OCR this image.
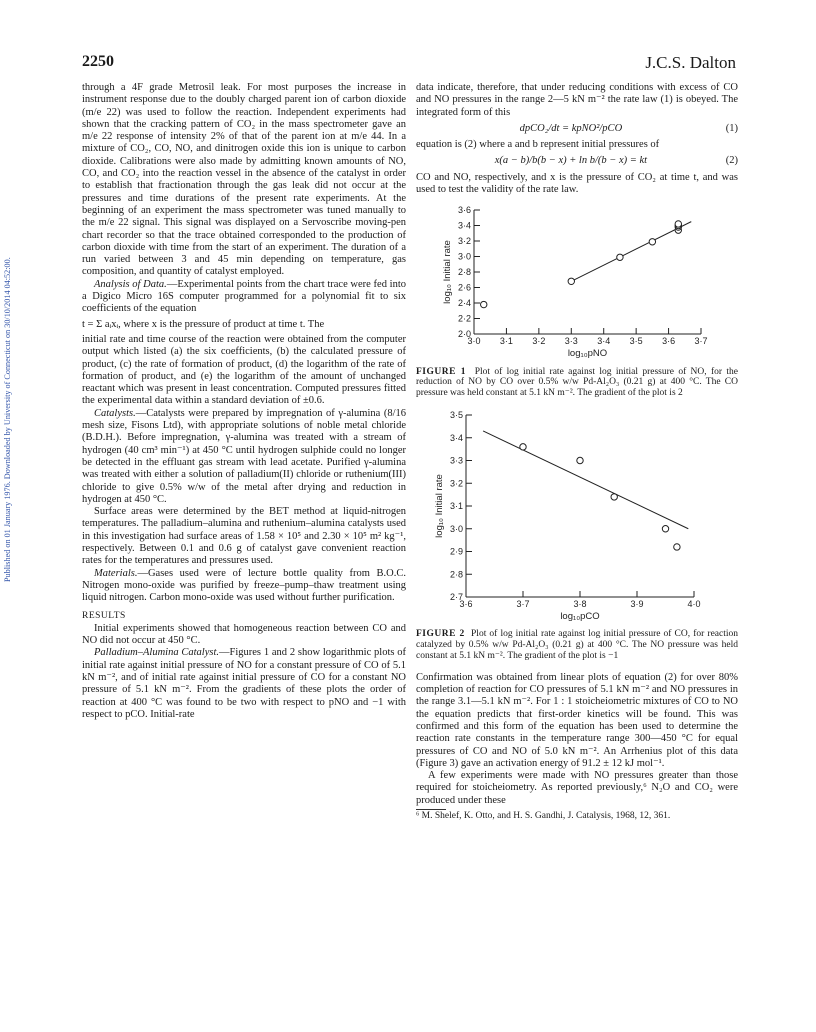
2250	J.C.S. Dalton
Published on 01 January 1976. Downloaded by University of Connecticut on 30/10/2014 04:52:00.

through a 4F grade Metrosil leak. For most purposes the increase in instrument response due to the doubly charged parent ion of carbon dioxide (m/e 22) was used to follow the reaction. Independent experiments had shown that the cracking pattern of CO₂ in the mass spectrometer gave an m/e 22 response of intensity 2% of that of the parent ion at m/e 44. In a mixture of CO₂, CO, NO, and dinitrogen oxide this ion is unique to carbon dioxide. Calibrations were also made by admitting known amounts of NO, CO, and CO₂ into the reaction vessel in the absence of the catalyst in order to establish that fractionation through the gas leak did not occur at the pressures and time durations of the present rate experiments. At the beginning of an experiment the mass spectrometer was tuned manually to the m/e 22 signal. This signal was displayed on a Servoscribe moving-pen chart recorder so that the trace obtained corresponded to the production of carbon dioxide with time from the start of an experiment. The duration of a run varied between 3 and 45 min depending on temperature, gas composition, and quantity of catalyst employed.

Analysis of Data.—Experimental points from the chart trace were fed into a Digico Micro 16S computer programmed for a polynomial fit to six coefficients of the equation

t = Σ aᵢxᵢ, where x is the pressure of product at time t. The

initial rate and time course of the reaction were obtained from the computer output which listed (a) the six coefficients, (b) the calculated pressure of product, (c) the rate of formation of product, (d) the logarithm of the rate of formation of product, and (e) the logarithm of the amount of unchanged reactant which was present in least concentration. Computed pressures fitted the experimental data within a standard deviation of ±0.6.

Catalysts.—Catalysts were prepared by impregnation of γ-alumina (8/16 mesh size, Fisons Ltd), with appropriate solutions of noble metal chloride (B.D.H.). Before impregnation, γ-alumina was treated with a stream of hydrogen (40 cm³ min⁻¹) at 450 °C until hydrogen sulphide could no longer be detected in the effluant gas stream with lead acetate. Purified γ-alumina was treated with either a solution of palladium(II) chloride or ruthenium(III) chloride to give 0.5% w/w of the metal after drying and reduction in hydrogen at 450 °C.

Surface areas were determined by the BET method at liquid-nitrogen temperatures. The palladium–alumina and ruthenium–alumina catalysts used in this investigation had surface areas of 1.58 × 10⁵ and 2.30 × 10⁵ m² kg⁻¹, respectively. Between 0.1 and 0.6 g of catalyst gave convenient reaction rates for the temperatures and pressures used.

Materials.—Gases used were of lecture bottle quality from B.O.C. Nitrogen mono-oxide was purified by freeze–pump–thaw treatment using liquid nitrogen. Carbon mono-oxide was used without further purification.

RESULTS

Initial experiments showed that homogeneous reaction between CO and NO did not occur at 450 °C.

Palladium–Alumina Catalyst.—Figures 1 and 2 show logarithmic plots of initial rate against initial pressure of NO for a constant pressure of CO of 5.1 kN m⁻², and of initial rate against initial pressure of CO for a constant NO pressure of 5.1 kN m⁻². From the gradients of these plots the order of reaction at 400 °C was found to be two with respect to pNO and −1 with respect to pCO. Initial-rate

data indicate, therefore, that under reducing conditions with excess of CO and NO pressures in the range 2—5 kN m⁻² the rate law (1) is obeyed. The integrated form of this

dpCO₂/dt = kpNO²/pCO	(1)

equation is (2) where a and b represent initial pressures of

x(a − b)/b(b − x) + ln b/(b − x) = kt	(2)

CO and NO, respectively, and x is the pressure of CO₂ at time t, and was used to test the validity of the rate law.

2·0
2·2
2·4
2·6
2·8
3·0
3·2
3·4
3·6
3·0 3·1 3·2 3·3 3·4 3·5 3·6 3·7
log₁₀pNO
log₁₀ Initial rate

FIGURE 1 Plot of log initial rate against log initial pressure of NO, for the reduction of NO by CO over 0.5% w/w Pd-Al₂O₃ (0.21 g) at 400 °C. The CO pressure was held constant at 5.1 kN m⁻². The gradient of the plot is 2

2·7
2·8
2·9
3·0
3·1
3·2
3·3
3·4
3·5
3·6	3·7	3·8	3·9	4·0
log₁₀pCO
log₁₀ Initial rate

FIGURE 2 Plot of log initial rate against log initial pressure of CO, for reaction catalyzed by 0.5% w/w Pd-Al₂O₃ (0.21 g) at 400 °C. The NO pressure was held constant at 5.1 kN m⁻². The gradient of the plot is −1

Confirmation was obtained from linear plots of equation (2) for over 80% completion of reaction for CO pressures of 5.1 kN m⁻² and NO pressures in the range 3.1—5.1 kN m⁻². For 1 : 1 stoicheiometric mixtures of CO to NO the equation predicts that first-order kinetics will be found. This was confirmed and this form of the equation has been used to determine the reaction rate constants in the temperature range 300—450 °C for equal pressures of CO and NO of 5.0 kN m⁻². An Arrhenius plot of this data (Figure 3) gave an activation energy of 91.2 ± 12 kJ mol⁻¹.

A few experiments were made with NO pressures greater than those required for stoicheiometry. As reported previously,⁶ N₂O and CO₂ were produced under these

⁶ M. Shelef, K. Otto, and H. S. Gandhi, J. Catalysis, 1968, 12, 361.
